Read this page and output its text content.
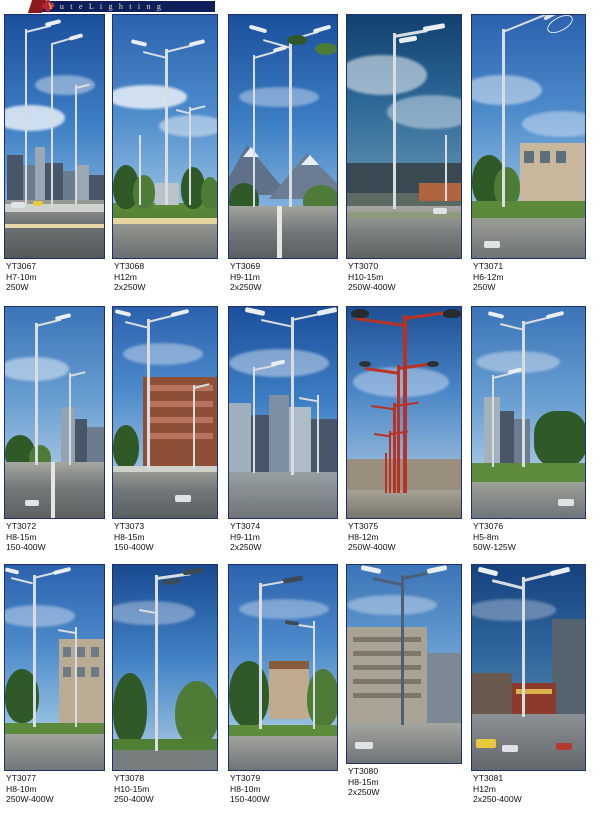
Y u t e L i g h t i n g
YT3067
H7-10m
250W
YT3068
H12m
2x250W
YT3069
H9-11m
2x250W
YT3070
H10-15m
250W-400W
YT3071
H6-12m
250W
YT3072
H8-15m
150-400W
YT3073
H8-15m
150-400W
YT3074
H9-11m
2x250W
YT3075
H8-12m
250W-400W
YT3076
H5-8m
50W-125W
YT3077
H8-10m
250W-400W
YT3078
H10-15m
250-400W
YT3079
H8-10m
150-400W
YT3080
H8-15m
2x250W
YT3081
H12m
2x250-400W
